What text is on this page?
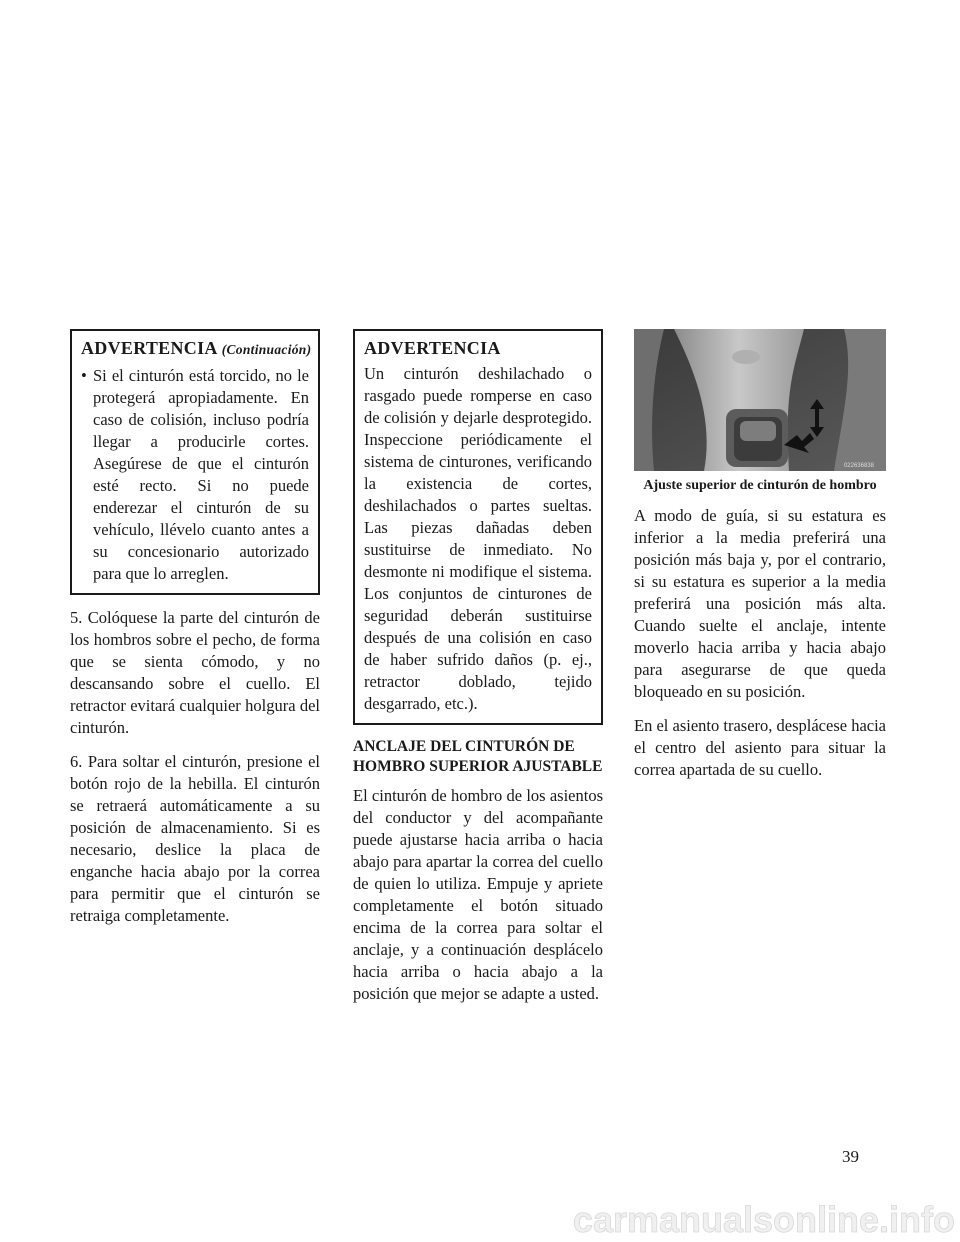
ADVERTENCIA (Continuación)
• Si el cinturón está torcido, no le protegerá apropiadamente. En caso de colisión, incluso podría llegar a producirle cortes. Asegúrese de que el cinturón esté recto. Si no puede enderezar el cinturón de su vehículo, llévelo cuanto antes a su concesionario autorizado para que lo arreglen.

5. Colóquese la parte del cinturón de los hombros sobre el pecho, de forma que se sienta cómodo, y no descansando sobre el cuello. El retractor evitará cualquier holgura del cinturón.

6. Para soltar el cinturón, presione el botón rojo de la hebilla. El cinturón se retraerá automáticamente a su posición de almacenamiento. Si es necesario, deslice la placa de enganche hacia abajo por la correa para permitir que el cinturón se retraiga completamente.

ADVERTENCIA
Un cinturón deshilachado o rasgado puede romperse en caso de colisión y dejarle desprotegido. Inspeccione periódicamente el sistema de cinturones, verificando la existencia de cortes, deshilachados o partes sueltas. Las piezas dañadas deben sustituirse de inmediato. No desmonte ni modifique el sistema. Los conjuntos de cinturones de seguridad deberán sustituirse después de una colisión en caso de haber sufrido daños (p. ej., retractor doblado, tejido desgarrado, etc.).
ANCLAJE DEL CINTURÓN DE HOMBRO SUPERIOR AJUSTABLE

El cinturón de hombro de los asientos del conductor y del acompañante puede ajustarse hacia arriba o hacia abajo para apartar la correa del cuello de quien lo utiliza. Empuje y apriete completamente el botón situado encima de la correa para soltar el anclaje, y a continuación desplácelo hacia arriba o hacia abajo a la posición que mejor se adapte a usted.

022636838
Ajuste superior de cinturón de hombro

A modo de guía, si su estatura es inferior a la media preferirá una posición más baja y, por el contrario, si su estatura es superior a la media preferirá una posición más alta. Cuando suelte el anclaje, intente moverlo hacia arriba y hacia abajo para asegurarse de que queda bloqueado en su posición.

En el asiento trasero, desplácese hacia el centro del asiento para situar la correa apartada de su cuello.

39
carmanualsonline.info
